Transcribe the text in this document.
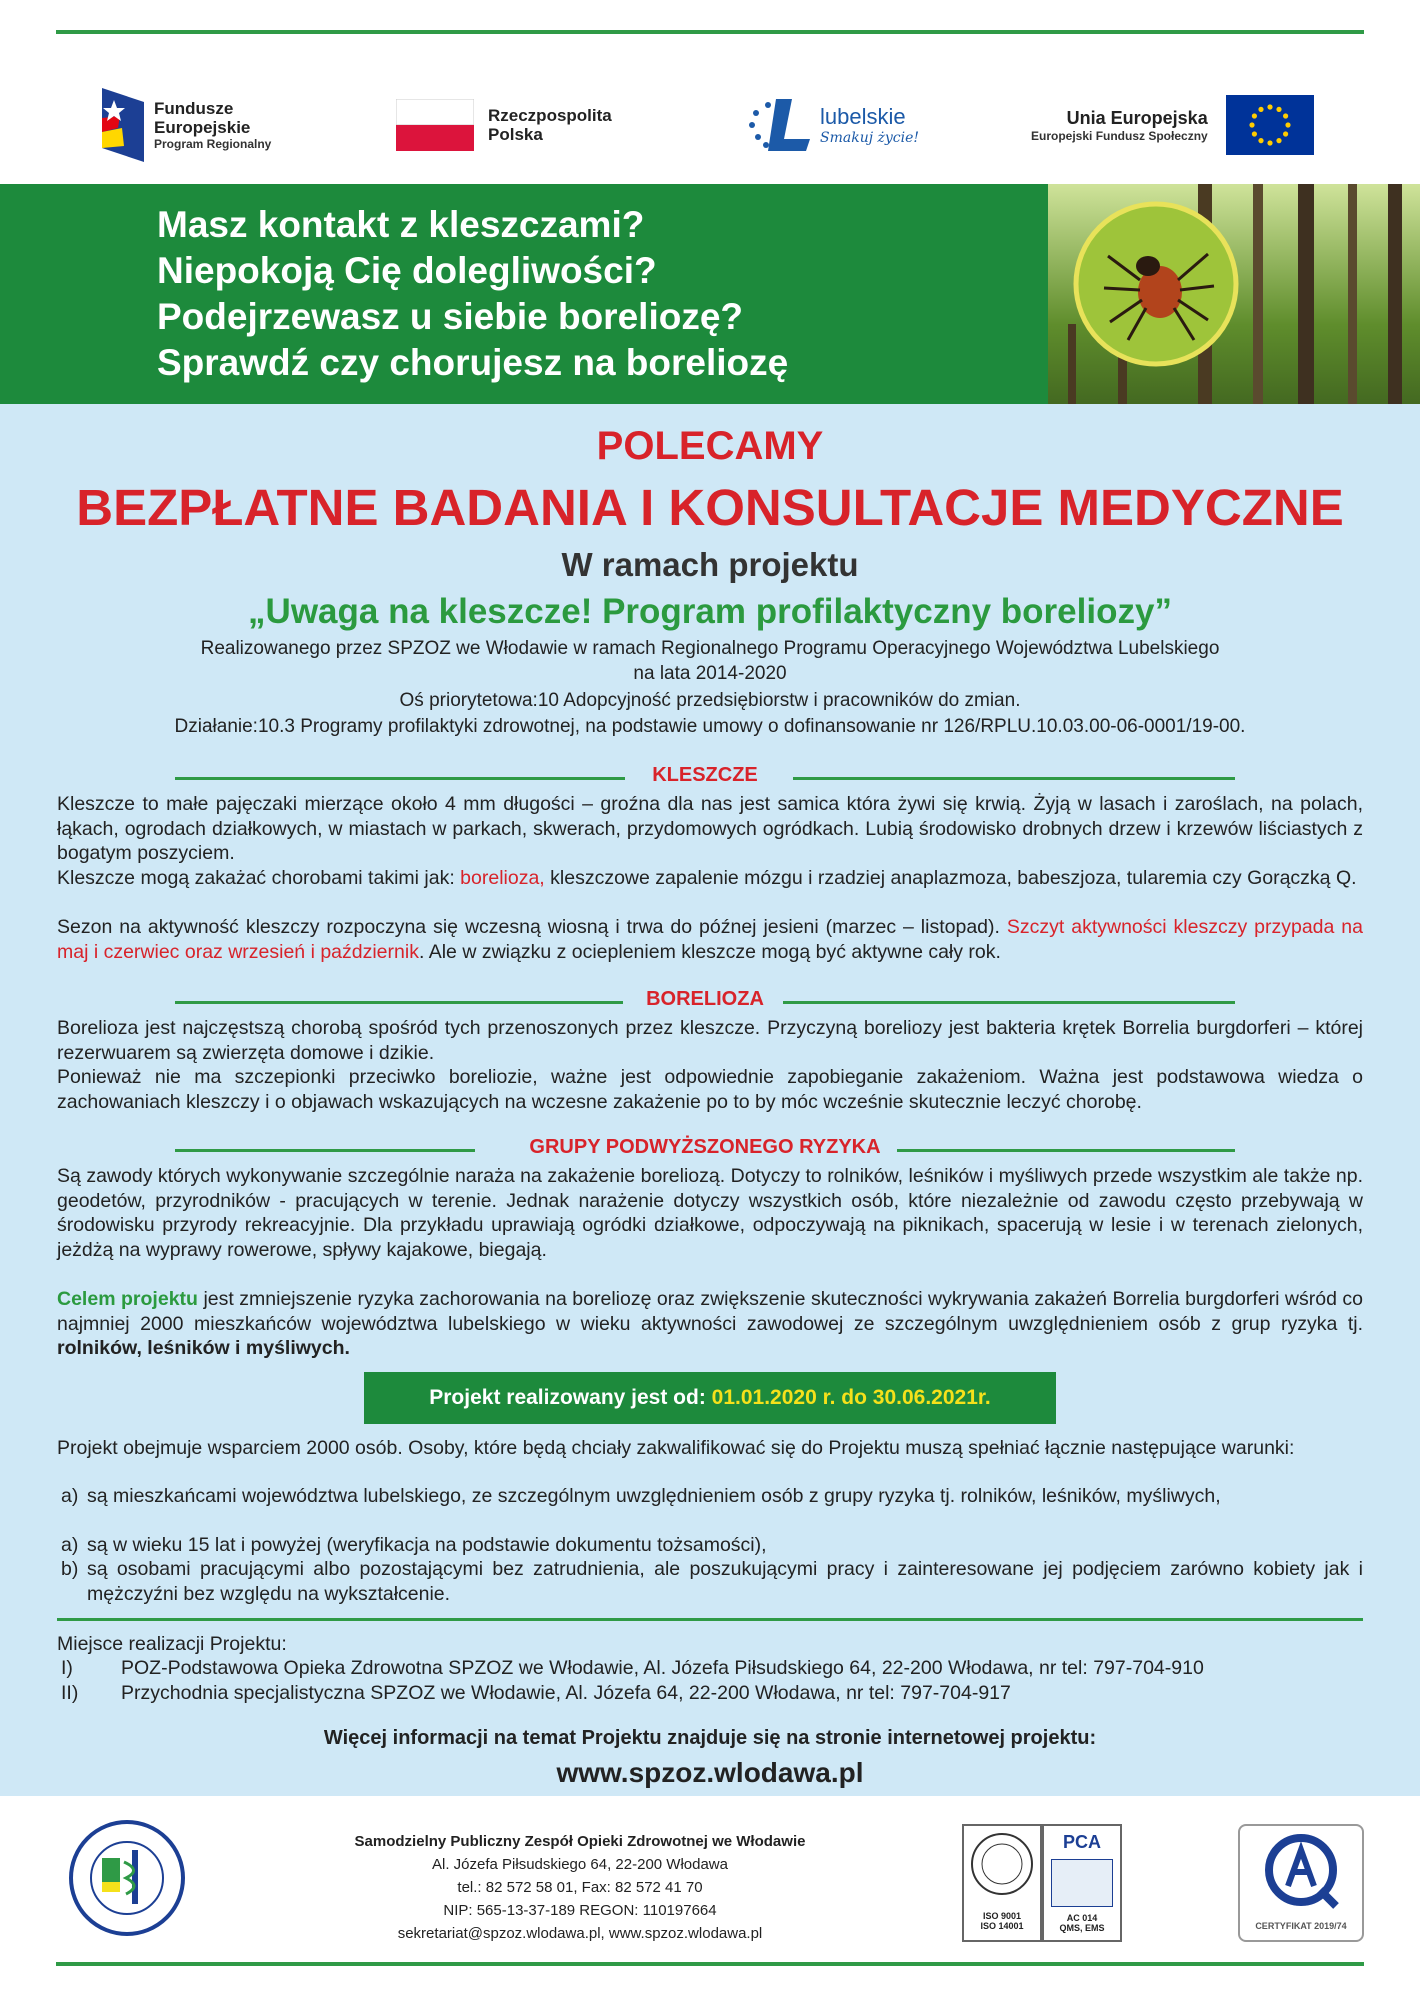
Fundusze
Europejskie
Program Regionalny
Rzeczpospolita
Polska
lubelskie
Smakuj życie!
Unia Europejska
Europejski Fundusz Społeczny
Masz kontakt z kleszczami?
Niepokoją Cię dolegliwości?
Podejrzewasz u siebie boreliozę?
Sprawdź czy chorujesz na boreliozę
POLECAMY
BEZPŁATNE BADANIA I KONSULTACJE MEDYCZNE
W ramach projektu
„Uwaga na kleszcze! Program profilaktyczny boreliozy”
Realizowanego przez SPZOZ we Włodawie w ramach Regionalnego Programu Operacyjnego Województwa Lubelskiego
na lata 2014-2020
Oś priorytetowa:10 Adopcyjność przedsiębiorstw i pracowników do zmian.
Działanie:10.3 Programy profilaktyki zdrowotnej, na podstawie umowy o dofinansowanie nr 126/RPLU.10.03.00-06-0001/19-00.
KLESZCZE
Kleszcze to małe pajęczaki mierzące około 4 mm długości – groźna dla nas jest samica która żywi się krwią. Żyją w lasach i zaroślach, na polach, łąkach, ogrodach działkowych, w miastach w parkach, skwerach, przydomowych ogródkach. Lubią środowisko drobnych drzew i krzewów liściastych z bogatym poszyciem.
Kleszcze mogą zakażać chorobami takimi jak: borelioza, kleszczowe zapalenie mózgu i rzadziej anaplazmoza, babeszjoza, tularemia czy Gorączką Q.
Sezon na aktywność kleszczy rozpoczyna się wczesną wiosną i trwa do późnej jesieni (marzec – listopad). Szczyt aktywności kleszczy przypada na maj i czerwiec oraz wrzesień i październik. Ale w związku z ociepleniem kleszcze mogą być aktywne cały rok.
BORELIOZA
Borelioza jest najczęstszą chorobą spośród tych przenoszonych przez kleszcze. Przyczyną boreliozy jest bakteria krętek Borrelia burgdorferi – której rezerwuarem są zwierzęta domowe i dzikie.
Ponieważ nie ma szczepionki przeciwko boreliozie, ważne jest odpowiednie zapobieganie zakażeniom. Ważna jest podstawowa wiedza o zachowaniach kleszczy i o objawach wskazujących na wczesne zakażenie po to by móc wcześnie skutecznie leczyć chorobę.
GRUPY PODWYŻSZONEGO RYZYKA
Są zawody których wykonywanie szczególnie naraża na zakażenie boreliozą. Dotyczy to rolników, leśników i myśliwych przede wszystkim ale także np. geodetów, przyrodników - pracujących w terenie. Jednak narażenie dotyczy wszystkich osób, które niezależnie od zawodu często przebywają w środowisku przyrody rekreacyjnie. Dla przykładu uprawiają ogródki działkowe, odpoczywają na piknikach, spacerują w lesie i w terenach zielonych, jeżdżą na wyprawy rowerowe, spływy kajakowe, biegają.
Celem projektu jest zmniejszenie ryzyka zachorowania na boreliozę oraz zwiększenie skuteczności wykrywania zakażeń Borrelia burgdorferi wśród co najmniej 2000 mieszkańców województwa lubelskiego w wieku aktywności zawodowej ze szczególnym uwzględnieniem osób z grup ryzyka tj. rolników, leśników i myśliwych.
Projekt realizowany jest od: 01.01.2020 r. do 30.06.2021r.
Projekt obejmuje wsparciem 2000 osób. Osoby, które będą chciały zakwalifikować się do Projektu muszą spełniać łącznie następujące warunki:
a) są mieszkańcami województwa lubelskiego, ze szczególnym uwzględnieniem osób z grupy ryzyka tj. rolników, leśników, myśliwych,
a) są w wieku 15 lat i powyżej (weryfikacja na podstawie dokumentu tożsamości),
b) są osobami pracującymi albo pozostającymi bez zatrudnienia, ale poszukującymi pracy i zainteresowane jej podjęciem zarówno kobiety jak i mężczyźni bez względu na wykształcenie.
Miejsce realizacji Projektu:
I) POZ-Podstawowa Opieka Zdrowotna SPZOZ we Włodawie, Al. Józefa Piłsudskiego 64, 22-200 Włodawa, nr tel: 797-704-910
II) Przychodnia specjalistyczna SPZOZ we Włodawie, Al. Józefa 64, 22-200 Włodawa, nr tel: 797-704-917
Więcej informacji na temat Projektu znajduje się na stronie internetowej projektu:
www.spzoz.wlodawa.pl
Samodzielny Publiczny Zespół Opieki Zdrowotnej we Włodawie
Al. Józefa Piłsudskiego 64, 22-200 Włodawa
tel.: 82 572 58 01, Fax: 82 572 41 70
NIP: 565-13-37-189 REGON: 110197664
sekretariat@spzoz.wlodawa.pl, www.spzoz.wlodawa.pl
ISO 9001
ISO 14001
PCA
AC 014
QMS, EMS	CERTYFIKAT 2019/74
